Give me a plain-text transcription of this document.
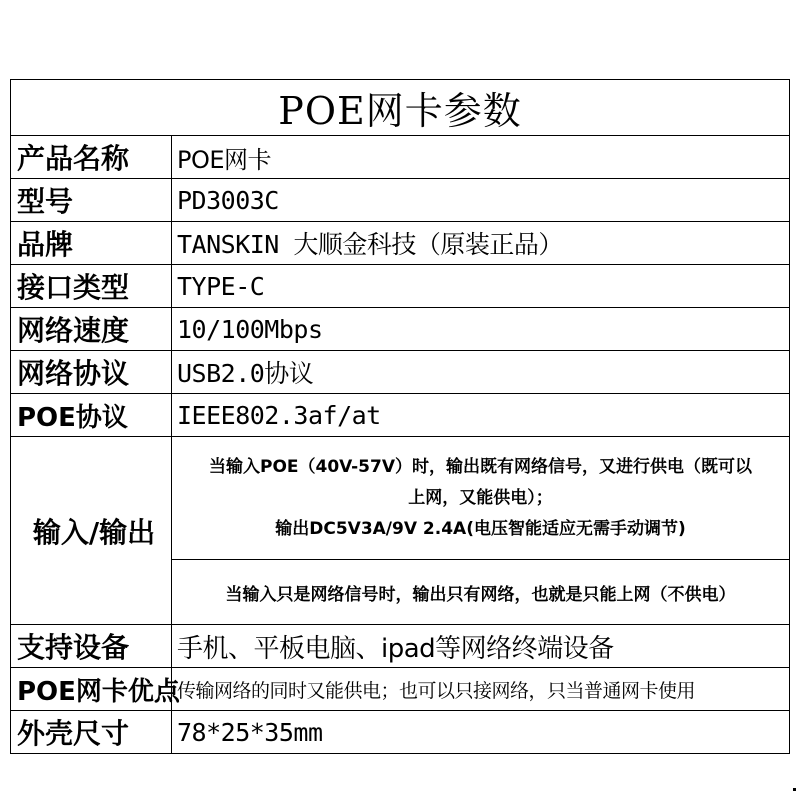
POE网卡参数	
产品名称	POE网卡
型号	PD3003C
品牌	TANSKIN 大顺金科技（原装正品）
接口类型	TYPE-C
网络速度	10/100Mbps
网络协议	USB2.0协议
POE协议	IEEE802.3af/at
输入/输出	当输入POE（40V-57V）时，输出既有网络信号，又进行供电（既可以
上网，又能供电）；
输出DC5V3A/9V 2.4A(电压智能适应无需手动调节)

	当输入只是网络信号时，输出只有网络，也就是只能上网（不供电）
支持设备	手机、平板电脑、ipad等网络终端设备
POE网卡优点	传输网络的同时又能供电；也可以只接网络，只当普通网卡使用
外壳尺寸	78*25*35mm
